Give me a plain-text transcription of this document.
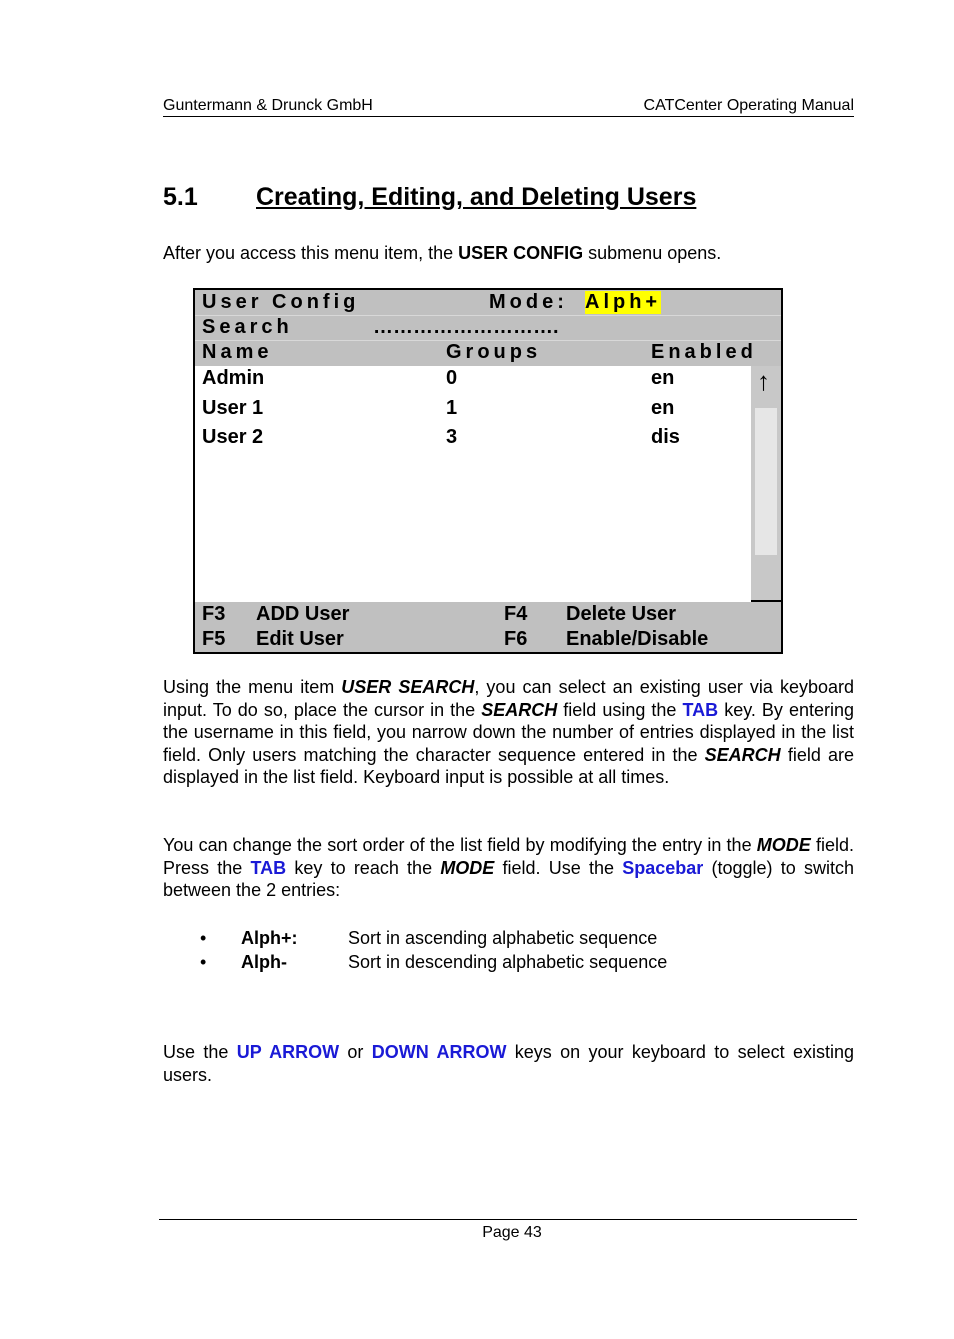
Guntermann & Drunck GmbH	CATCenter Operating Manual
5.1 Creating, Editing, and Deleting Users

After you access this menu item, the USER CONFIG submenu opens.

User Config	Mode: Alph+
Search	……………………….
Name	Groups	Enabled
Admin	0	en
User 1	1	en
User 2	3	dis
↑
F3 ADD User	F4 Delete User
F5 Edit User	F6 Enable/Disable

Using the menu item USER SEARCH, you can select an existing user via keyboard input. To do so, place the cursor in the SEARCH field using the TAB key. By entering the username in this field, you narrow down the number of entries displayed in the list field. Only users matching the character sequence entered in the SEARCH field are displayed in the list field. Keyboard input is possible at all times.

You can change the sort order of the list field by modifying the entry in the MODE field. Press the TAB key to reach the MODE field. Use the Spacebar (toggle) to switch between the 2 entries:

• Alph+:	Sort in ascending alphabetic sequence
• Alph-	Sort in descending alphabetic sequence

Use the UP ARROW or DOWN ARROW keys on your keyboard to select existing users.

Page 43
